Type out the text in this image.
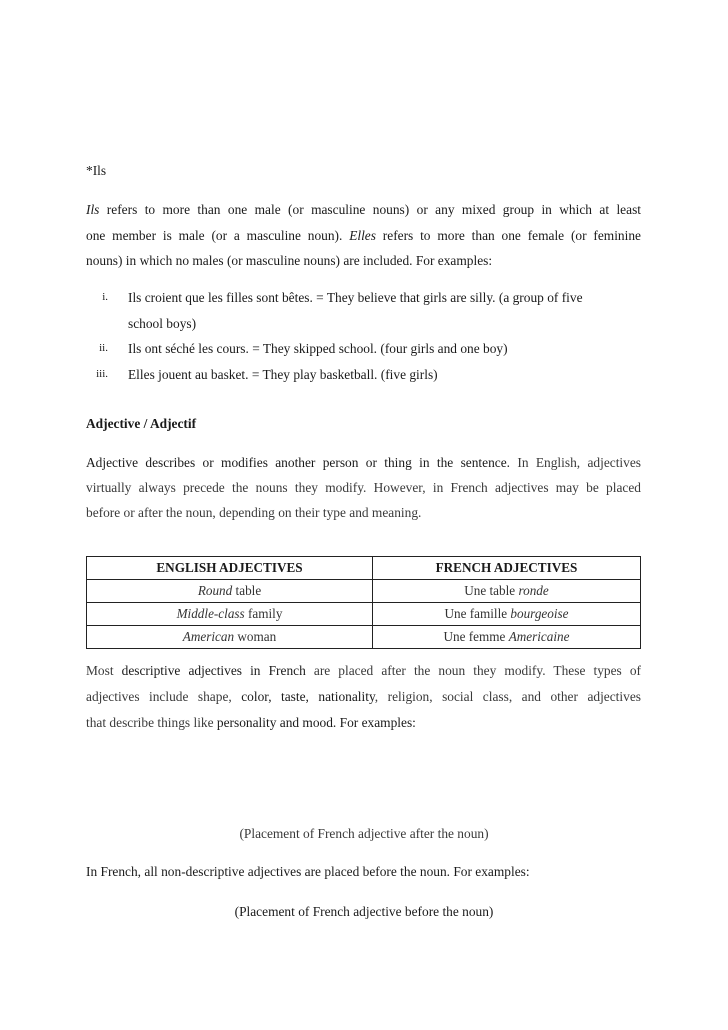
*Ils
Ils refers to more than one male (or masculine nouns) or any mixed group in which at least
one member is male (or a masculine noun). Elles refers to more than one female (or feminine
nouns) in which no males (or masculine nouns) are included. For examples:
i. Ils croient que les filles sont bêtes. = They believe that girls are silly. (a group of five
school boys)
ii. Ils ont séché les cours. = They skipped school. (four girls and one boy)
iii. Elles jouent au basket. = They play basketball. (five girls)
Adjective / Adjectif
Adjective describes or modifies another person or thing in the sentence. In English, adjectives
virtually always precede the nouns they modify. However, in French adjectives may be placed
before or after the noun, depending on their type and meaning.
ENGLISH ADJECTIVES	FRENCH ADJECTIVES
Round table	Une table ronde
Middle-class family	Une famille bourgeoise
American woman	Une femme Americaine
Most descriptive adjectives in French are placed after the noun they modify. These types of
adjectives include shape, color, taste, nationality, religion, social class, and other adjectives
that describe things like personality and mood. For examples:
(Placement of French adjective after the noun)
In French, all non-descriptive adjectives are placed before the noun. For examples:
(Placement of French adjective before the noun)
